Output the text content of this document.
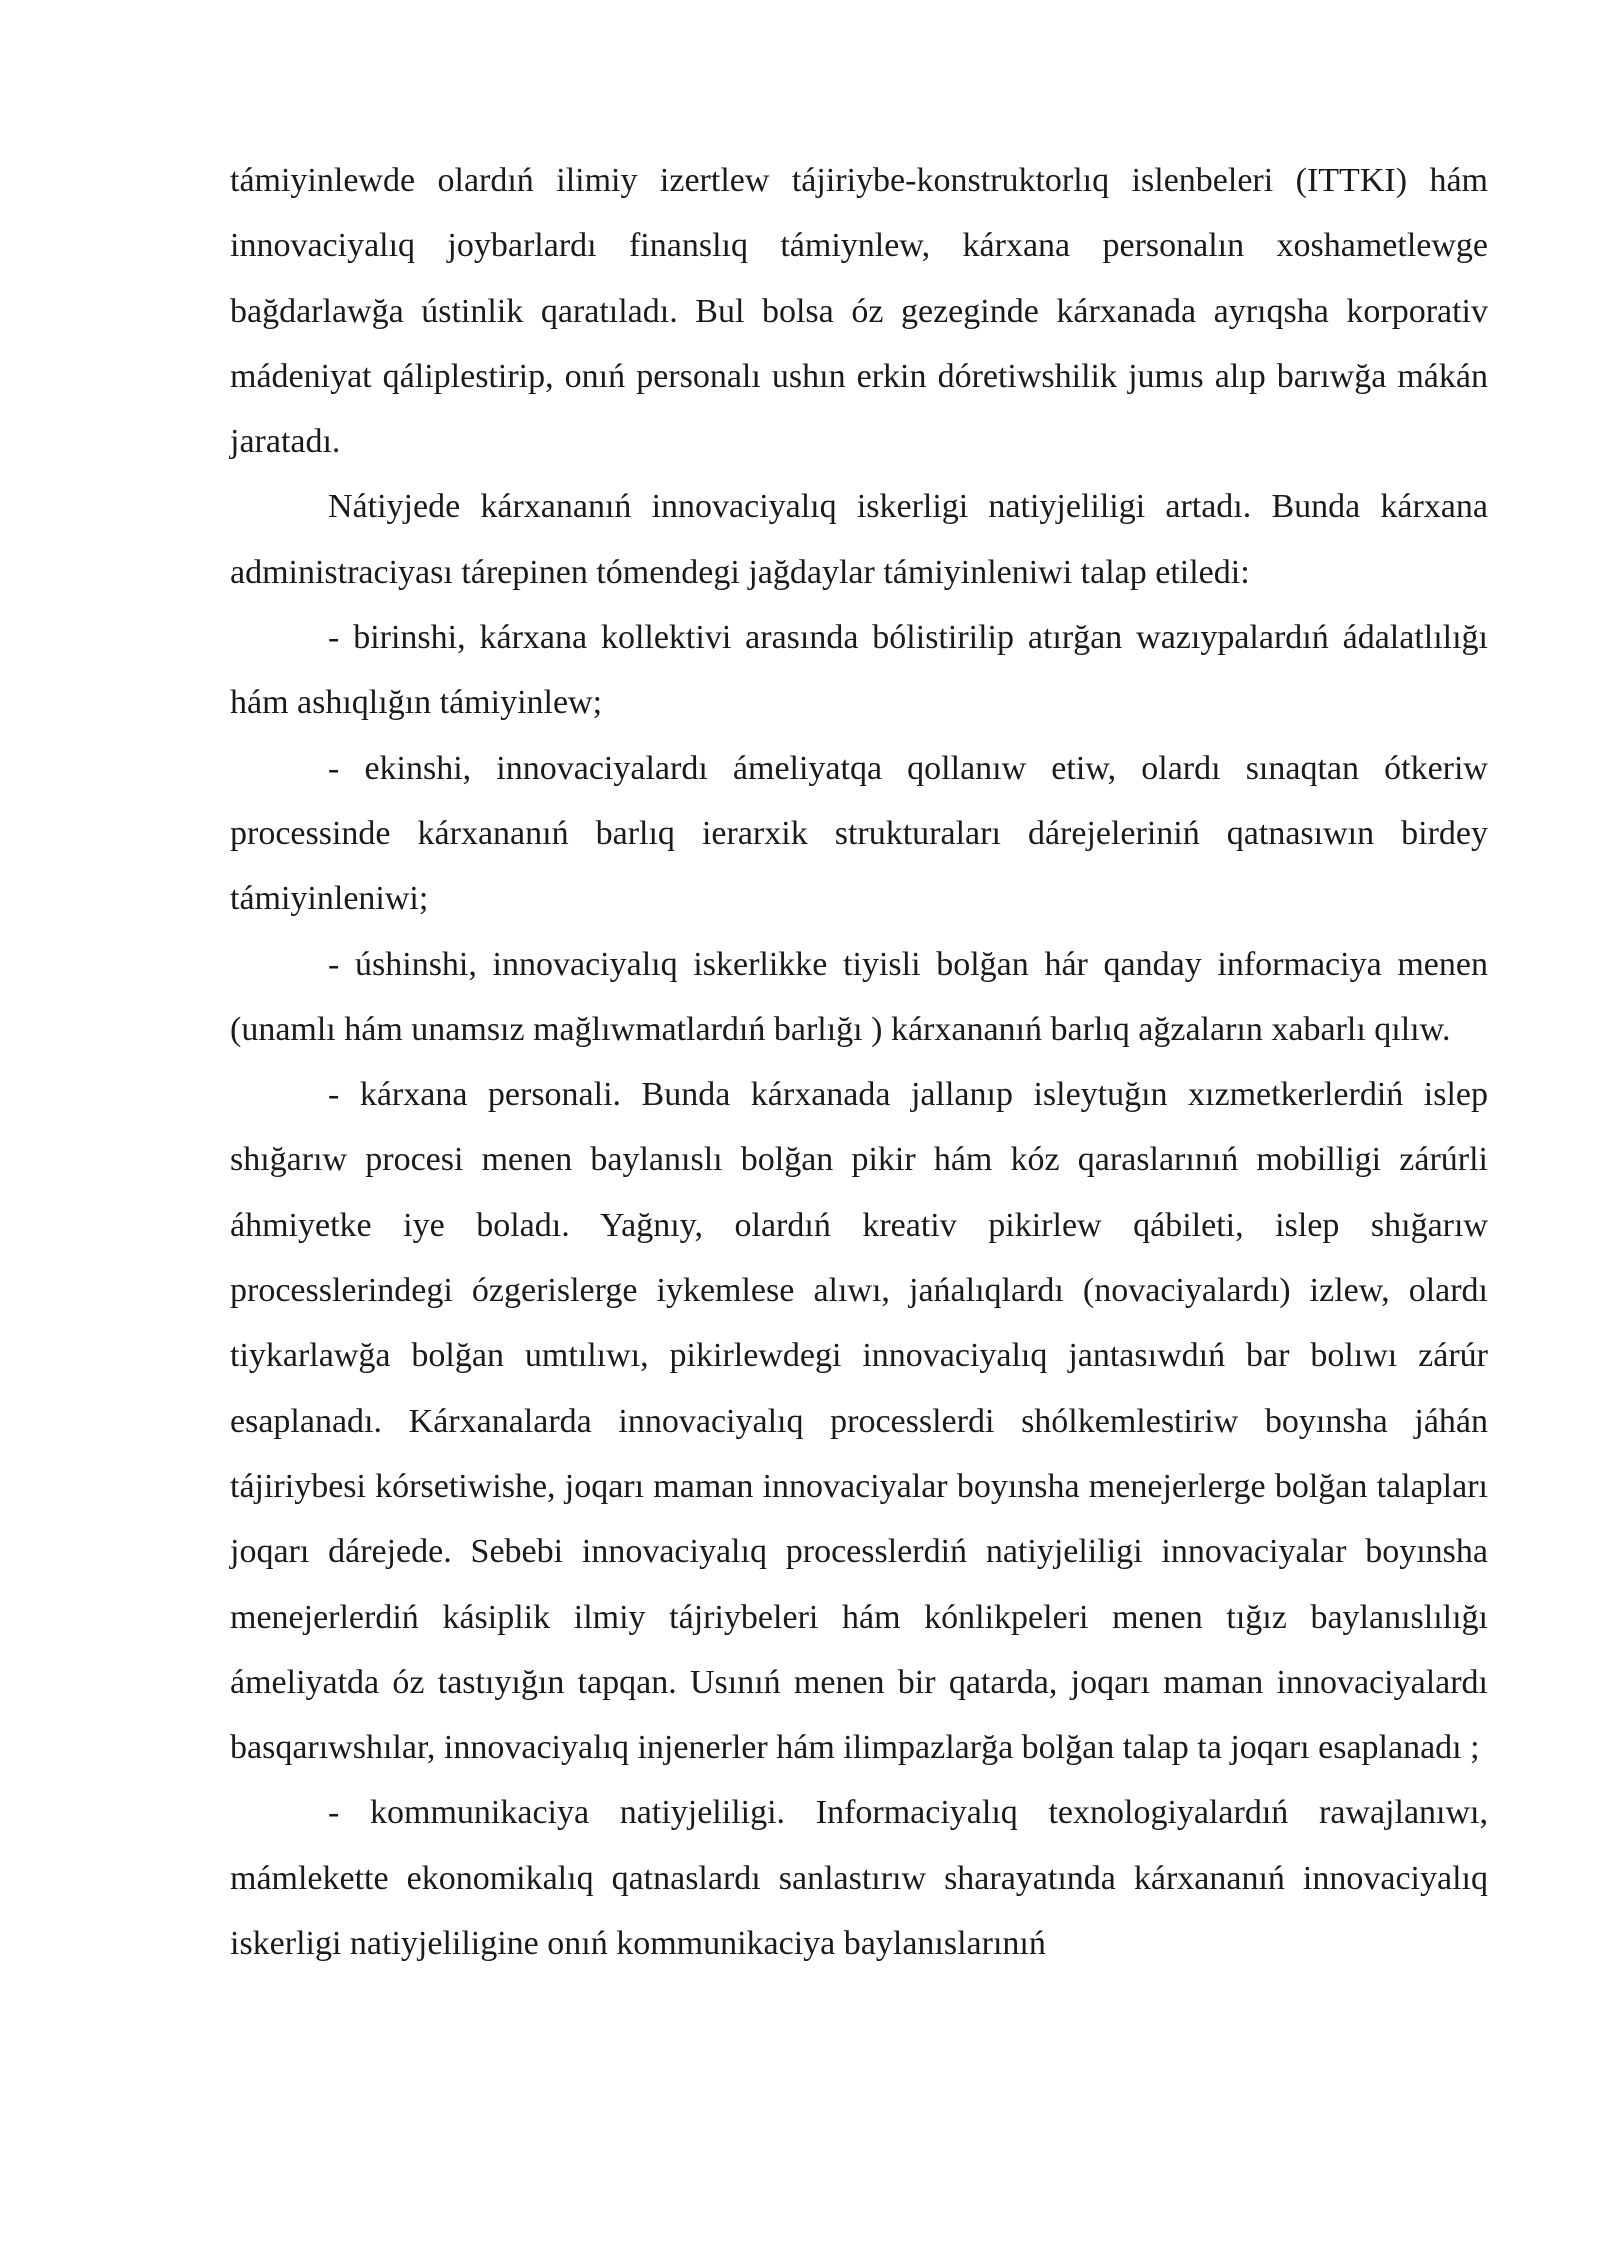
támiyinlewde olardıń ilimiy izertlew tájiriybe-konstruktorlıq islenbeleri (ITTKI) hám innovaciyalıq joybarlardı finanslıq támiynlew, kárxana personalın xoshametlewge bağdarlawğa ústinlik qaratıladı. Bul bolsa óz gezeginde kárxanada ayrıqsha korporativ mádeniyat qáliplestirip, onıń personalı ushın erkin dóretiwshilik jumıs alıp barıwğa mákán jaratadı.

Nátiyjede kárxananıń innovaciyalıq iskerligi natiyjeliligi artadı. Bunda kárxana administraciyası tárepinen tómendegi jağdaylar támiyinleniwi talap etiledi:

- birinshi, kárxana kollektivi arasında bólistirilip atırğan wazıypalardıń ádalatlılığı hám ashıqlığın támiyinlew;

- ekinshi, innovaciyalardı ámeliyatqa qollanıw etiw, olardı sınaqtan ótkeriw processinde kárxananıń barlıq ierarxik strukturaları dárejeleriniń qatnasıwın birdey támiyinleniwi;

- úshinshi, innovaciyalıq iskerlikke tiyisli bolğan hár qanday informaciya menen (unamlı hám unamsız mağlıwmatlardıń barlığı ) kárxananıń barlıq ağzaların xabarlı qılıw.

- kárxana personali. Bunda kárxanada jallanıp isleytuğın xızmetkerlerdiń islep shığarıw procesi menen baylanıslı bolğan pikir hám kóz qaraslarınıń mobilligi zárúrli áhmiyetke iye boladı. Yağnıy, olardıń kreativ pikirlew qábileti, islep shığarıw processlerindegi ózgerislerge iykemlese alıwı, jańalıqlardı (novaciyalardı) izlew, olardı tiykarlawğa bolğan umtılıwı, pikirlewdegi innovaciyalıq jantasıwdıń bar bolıwı zárúr esaplanadı. Kárxanalarda innovaciyalıq processlerdi shólkemlestiriw boyınsha jáhán tájiriybesi kórsetiwishe, joqarı maman innovaciyalar boyınsha menejerlerge bolğan talapları joqarı dárejede. Sebebi innovaciyalıq processlerdiń natiyjeliligi innovaciyalar boyınsha menejerlerdiń kásiplik ilmiy tájriybeleri hám kónlikpeleri menen tığız baylanıslılığı ámeliyatda óz tastıyığın tapqan. Usınıń menen bir qatarda, joqarı maman innovaciyalardı basqarıwshılar, innovaciyalıq injenerler hám ilimpazlarğa bolğan talap ta joqarı esaplanadı ;

- kommunikaciya natiyjeliligi. Informaciyalıq texnologiyalardıń rawajlanıwı, mámlekette ekonomikalıq qatnaslardı sanlastırıw sharayatında kárxananıń innovaciyalıq iskerligi natiyjeliligine onıń kommunikaciya baylanıslarınıń
